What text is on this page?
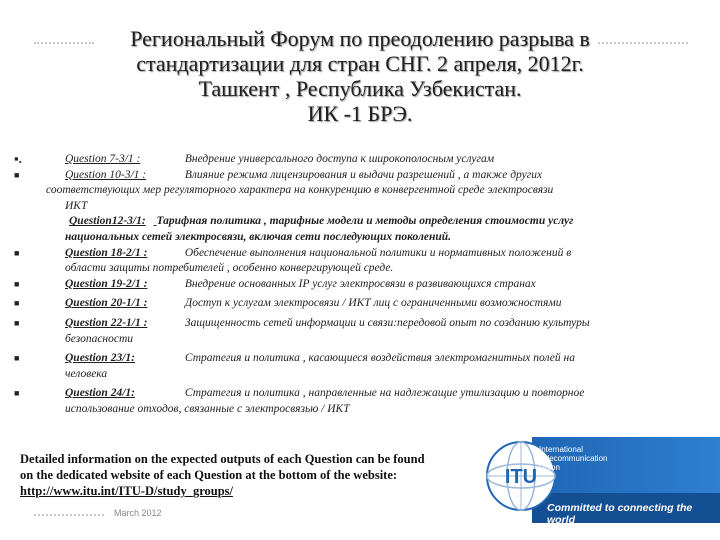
Региональный Форум по преодолению разрыва в
стандартизации для стран СНГ. 2 апреля, 2012г.
Ташкент , Республика Узбекистан.
ИК -1 БРЭ.
▪.	Question 7-3/1 :	Внедрение универсального доступа к широкополосным услугам
■	Question 10-3/1 :	Влияние режима лицензирования и выдачи разрешений , а также других
соответствующих мер регуляторного характера на конкуренцию в конвергентной среде электросвязи
ИКТ
Question12-3/1: Тарифная политика , тарифные модели и методы определения стоимости услуг
национальных сетей электросвязи, включая сети последующих поколений.
■	Question 18-2/1 :	Обеспечение выполнения национальной политики и нормативных положений в
области защиты потребителей , особенно конвергирующей среде.
■	Question 19-2/1 :	Внедрение основанных IP услуг электросвязи в развивающихся странах
■	Question 20-1/1 :	Доступ к услугам электросвязи / ИКТ лиц с ограниченными возможностями
■	Question 22-1/1 :	Защищенность сетей информации и связи:передовой опыт по созданию культуры
безопасности
■	Question 23/1:	Стратегия и политика , касающиеся воздействия электромагнитных полей на
человека
■	Question 24/1:	Стратегия и политика , направленные на надлежащие утилизацию и повторное
использование отходов, связанные с электросвязью / ИКТ
Detailed information on the expected outputs of each Question can be found
on the dedicated website of each Question at the bottom of the website:
http://www.itu.int/ITU-D/study_groups/
March 2012
ITU
International
Telecommunication
Union
Committed to connecting the world
